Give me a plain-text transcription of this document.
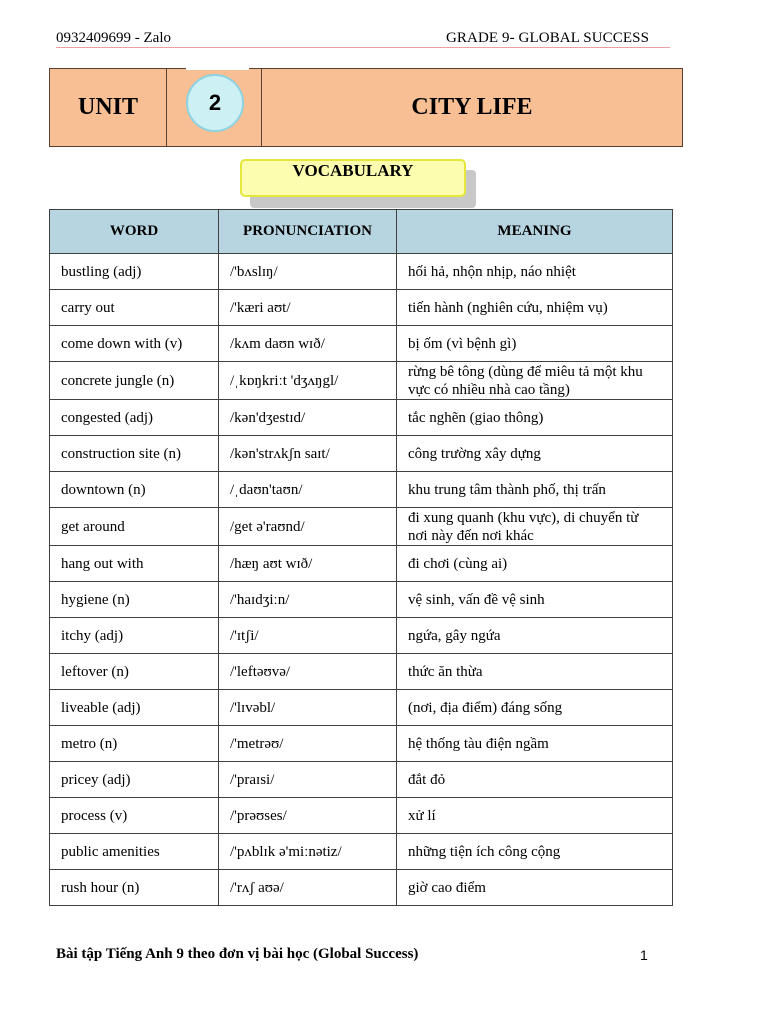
0932409699 - Zalo	GRADE 9- GLOBAL SUCCESS
UNIT	2	CITY LIFE
VOCABULARY
WORD	PRONUNCIATION	MEANING
bustling (adj)	/'bʌslɪŋ/	hối hả, nhộn nhịp, náo nhiệt
carry out	/'kæri aʊt/	tiến hành (nghiên cứu, nhiệm vụ)
come down with (v)	/kʌm daʊn wɪð/	bị ốm (vì bệnh gì)
concrete jungle (n)	/ˌkɒŋkriːt 'dʒʌŋgl/	rừng bê tông (dùng để miêu tả một khu vực có nhiều nhà cao tầng)
congested (adj)	/kən'dʒestɪd/	tắc nghẽn (giao thông)
construction site (n)	/kən'strʌkʃn saɪt/	công trường xây dựng
downtown (n)	/ˌdaʊn'taʊn/	khu trung tâm thành phố, thị trấn
get around	/get ə'raʊnd/	đi xung quanh (khu vực), di chuyển từ nơi này đến nơi khác
hang out with	/hæŋ aʊt wɪð/	đi chơi (cùng ai)
hygiene (n)	/'haɪdʒiːn/	vệ sinh, vấn đề vệ sinh
itchy (adj)	/'ɪtʃi/	ngứa, gây ngứa
leftover (n)	/'leftəʊvə/	thức ăn thừa
liveable (adj)	/'lɪvəbl/	(nơi, địa điểm) đáng sống
metro (n)	/'metrəʊ/	hệ thống tàu điện ngầm
pricey (adj)	/'praɪsi/	đắt đỏ
process (v)	/'prəʊses/	xử lí
public amenities	/'pʌblɪk ə'miːnətiz/	những tiện ích công cộng
rush hour (n)	/'rʌʃ aʊə/	giờ cao điểm
Bài tập Tiếng Anh 9 theo đơn vị bài học (Global Success)	1
